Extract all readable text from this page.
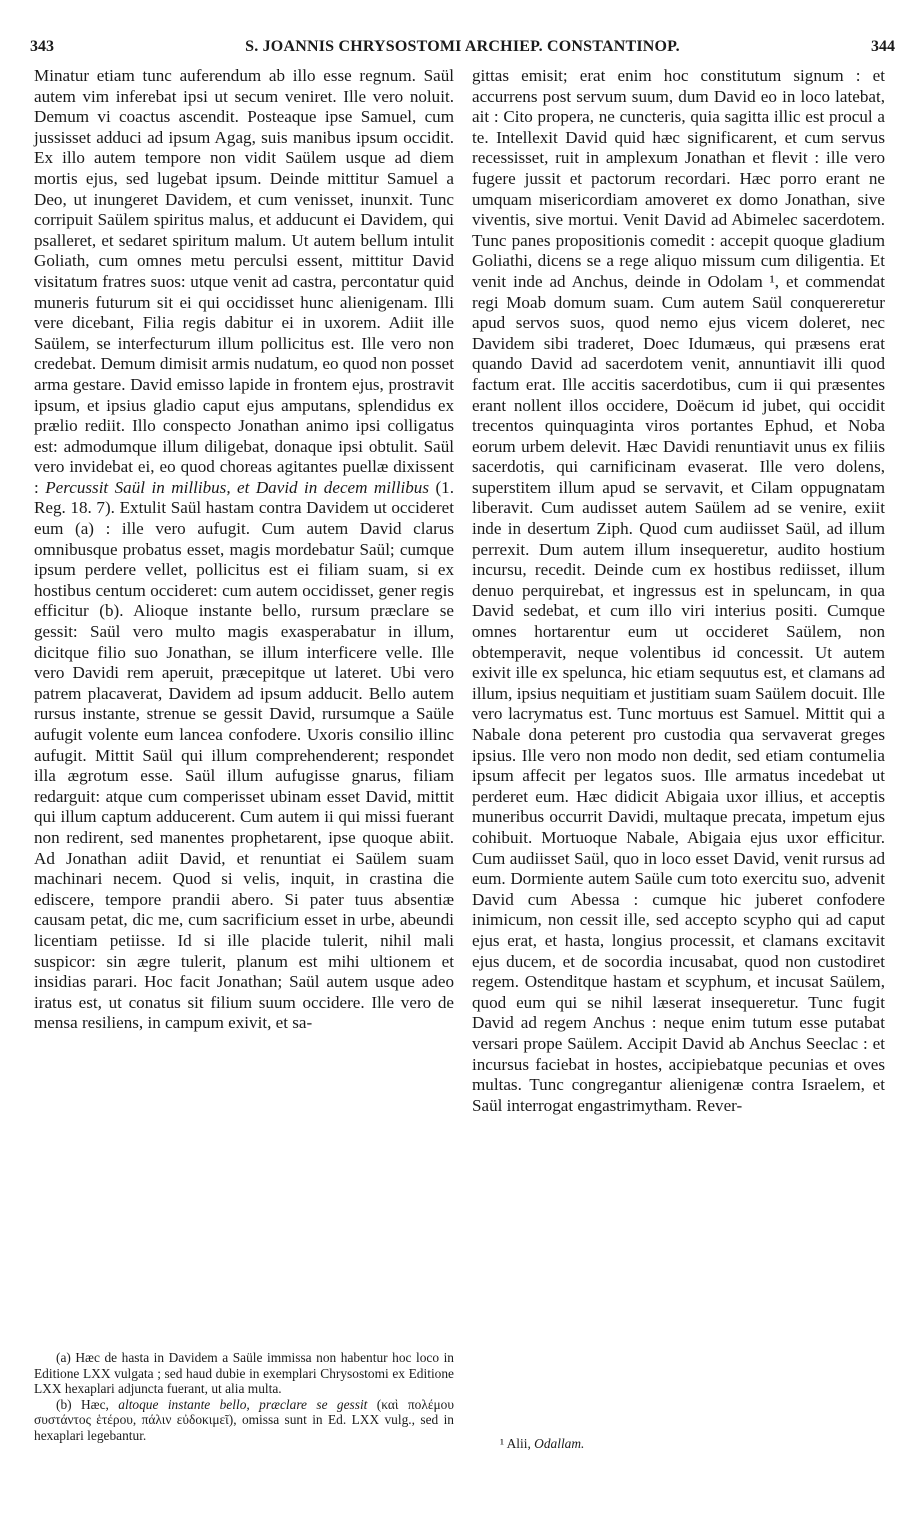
343	S. JOANNIS CHRYSOSTOMI ARCHIEP. CONSTANTINOP.	344

Minatur etiam tunc auferendum ab illo esse regnum. Saül autem vim inferebat ipsi ut secum veniret. Ille vero noluit. Demum vi coactus ascendit. Posteaque ipse Samuel, cum jussisset adduci ad ipsum Agag, suis manibus ipsum occidit. Ex illo autem tempore non vidit Saülem usque ad diem mortis ejus, sed lugebat ipsum. Deinde mittitur Samuel a Deo, ut inungeret Davidem, et cum venisset, inunxit. Tunc corripuit Saülem spiritus malus, et adducunt ei Davidem, qui psalleret, et sedaret spiritum malum. Ut autem bellum intulit Goliath, cum omnes metu perculsi essent, mittitur David visitatum fratres suos: utque venit ad castra, percontatur quid muneris futurum sit ei qui occidisset hunc alienigenam. Illi vere dicebant, Filia regis dabitur ei in uxorem. Adiit ille Saülem, se interfecturum illum pollicitus est. Ille vero non credebat. Demum dimisit armis nudatum, eo quod non posset arma gestare. David emisso lapide in frontem ejus, prostravit ipsum, et ipsius gladio caput ejus amputans, splendidus ex prælio rediit. Illo conspecto Jonathan animo ipsi colligatus est: admodumque illum diligebat, donaque ipsi obtulit. Saül vero invidebat ei, eo quod choreas agitantes puellæ dixissent : Percussit Saül in millibus, et David in decem millibus (1. Reg. 18. 7). Extulit Saül hastam contra Davidem ut occideret eum (a) : ille vero aufugit. Cum autem David clarus omnibusque probatus esset, magis mordebatur Saül; cumque ipsum perdere vellet, pollicitus est ei filiam suam, si ex hostibus centum occideret: cum autem occidisset, gener regis efficitur (b). Alioque instante bello, rursum præclare se gessit: Saül vero multo magis exasperabatur in illum, dicitque filio suo Jonathan, se illum interficere velle. Ille vero Davidi rem aperuit, præcepitque ut lateret. Ubi vero patrem placaverat, Davidem ad ipsum adducit. Bello autem rursus instante, strenue se gessit David, rursumque a Saüle aufugit volente eum lancea confodere. Uxoris consilio illinc aufugit. Mittit Saül qui illum comprehenderent; respondet illa ægrotum esse. Saül illum aufugisse gnarus, filiam redarguit: atque cum comperisset ubinam esset David, mittit qui illum captum adducerent. Cum autem ii qui missi fuerant non redirent, sed manentes prophetarent, ipse quoque abiit. Ad Jonathan adiit David, et renuntiat ei Saülem suam machinari necem. Quod si velis, inquit, in crastina die ediscere, tempore prandii abero. Si pater tuus absentiæ causam petat, dic me, cum sacrificium esset in urbe, abeundi licentiam petiisse. Id si ille placide tulerit, nihil mali suspicor: sin ægre tulerit, planum est mihi ultionem et insidias parari. Hoc facit Jonathan; Saül autem usque adeo iratus est, ut conatus sit filium suum occidere. Ille vero de mensa resiliens, in campum exivit, et sa-

gittas emisit; erat enim hoc constitutum signum : et accurrens post servum suum, dum David eo in loco latebat, ait : Cito propera, ne cuncteris, quia sagitta illic est procul a te. Intellexit David quid hæc significarent, et cum servus recessisset, ruit in amplexum Jonathan et flevit : ille vero fugere jussit et pactorum recordari. Hæc porro erant ne umquam misericordiam amoveret ex domo Jonathan, sive viventis, sive mortui. Venit David ad Abimelec sacerdotem. Tunc panes propositionis comedit : accepit quoque gladium Goliathi, dicens se a rege aliquo missum cum diligentia. Et venit inde ad Anchus, deinde in Odolam ¹, et commendat regi Moab domum suam. Cum autem Saül conquereretur apud servos suos, quod nemo ejus vicem doleret, nec Davidem sibi traderet, Doec Idumæus, qui præsens erat quando David ad sacerdotem venit, annuntiavit illi quod factum erat. Ille accitis sacerdotibus, cum ii qui præsentes erant nollent illos occidere, Doëcum id jubet, qui occidit trecentos quinquaginta viros portantes Ephud, et Noba eorum urbem delevit. Hæc Davidi renuntiavit unus ex filiis sacerdotis, qui carnificinam evaserat. Ille vero dolens, superstitem illum apud se servavit, et Cilam oppugnatam liberavit. Cum audisset autem Saülem ad se venire, exiit inde in desertum Ziph. Quod cum audiisset Saül, ad illum perrexit. Dum autem illum insequeretur, audito hostium incursu, recedit. Deinde cum ex hostibus rediisset, illum denuo perquirebat, et ingressus est in speluncam, in qua David sedebat, et cum illo viri interius positi. Cumque omnes hortarentur eum ut occideret Saülem, non obtemperavit, neque volentibus id concessit. Ut autem exivit ille ex spelunca, hic etiam sequutus est, et clamans ad illum, ipsius nequitiam et justitiam suam Saülem docuit. Ille vero lacrymatus est. Tunc mortuus est Samuel. Mittit qui a Nabale dona peterent pro custodia qua servaverat greges ipsius. Ille vero non modo non dedit, sed etiam contumelia ipsum affecit per legatos suos. Ille armatus incedebat ut perderet eum. Hæc didicit Abigaia uxor illius, et acceptis muneribus occurrit Davidi, multaque precata, impetum ejus cohibuit. Mortuoque Nabale, Abigaia ejus uxor efficitur. Cum audiisset Saül, quo in loco esset David, venit rursus ad eum. Dormiente autem Saüle cum toto exercitu suo, advenit David cum Abessa : cumque hic juberet confodere inimicum, non cessit ille, sed accepto scypho qui ad caput ejus erat, et hasta, longius processit, et clamans excitavit ejus ducem, et de socordia incusabat, quod non custodiret regem. Ostenditque hastam et scyphum, et incusat Saülem, quod eum qui se nihil læserat insequeretur. Tunc fugit David ad regem Anchus : neque enim tutum esse putabat versari prope Saülem. Accipit David ab Anchus Seeclac : et incursus faciebat in hostes, accipiebatque pecunias et oves multas. Tunc congregantur alienigenæ contra Israelem, et Saül interrogat engastrimytham. Rever-

(a) Hæc de hasta in Davidem a Saüle immissa non habentur hoc loco in Editione LXX vulgata ; sed haud dubie in exemplari Chrysostomi ex Editione LXX hexaplari adjuncta fuerant, ut alia multa.

(b) Hæc, altoque instante bello, præclare se gessit (καὶ πολέμου συστάντος ἑτέρου, πάλιν εὐδοκιμεῖ), omissa sunt in Ed. LXX vulg., sed in hexaplari legebantur.

¹ Alii, Odallam.
